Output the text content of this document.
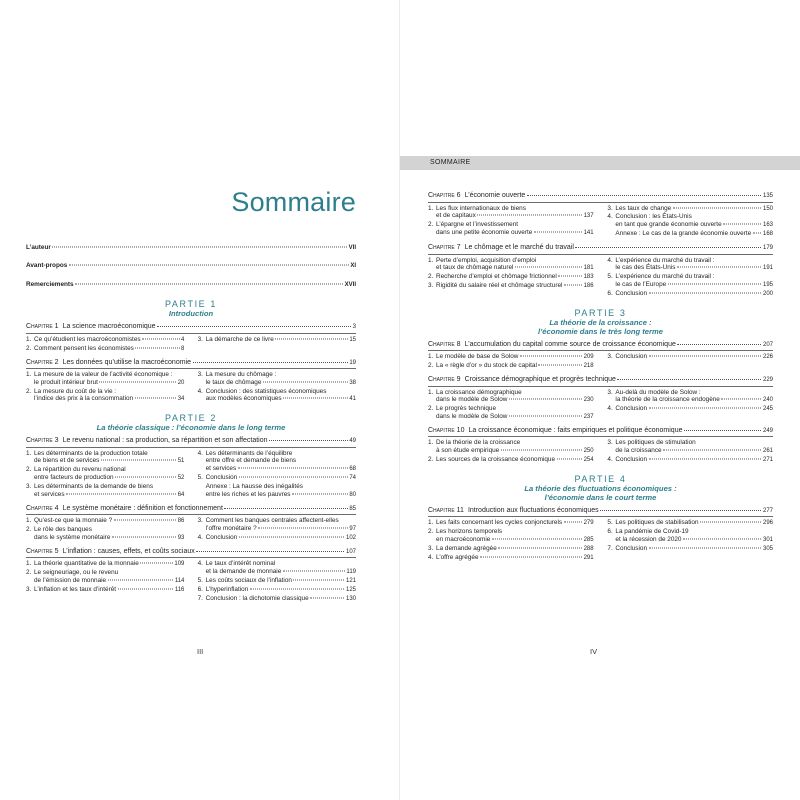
Sommaire
L’auteur	VII
Avant-propos	XI
Remerciements	XVII
PARTIE 1
Introduction
Chapitre 1 La science macroéconomique	3
1. Ce qu’étudient les macroéconomistes	4
2. Comment pensent les économistes	8
3. La démarche de ce livre	15
Chapitre 2 Les données qu’utilise la macroéconomie	19
1. La mesure de la valeur de l’activité économique :
le produit intérieur brut	20
2. La mesure du coût de la vie :
l’indice des prix à la consommation	34
3. La mesure du chômage :
le taux de chômage	38
4. Conclusion : des statistiques économiques
aux modèles économiques	41
PARTIE 2
La théorie classique : l’économie dans le long terme
Chapitre 3 Le revenu national : sa production, sa répartition et son affectation	49
1. Les déterminants de la production totale
de biens et de services	51
2. La répartition du revenu national
entre facteurs de production	52
3. Les déterminants de la demande de biens
et services	64
4. Les déterminants de l’équilibre
entre offre et demande de biens
et services	68
5. Conclusion	74
Annexe : La hausse des inégalités
entre les riches et les pauvres	80
Chapitre 4 Le système monétaire : définition et fonctionnement	85
1. Qu’est-ce que la monnaie ?	86
2. Le rôle des banques
dans le système monétaire	93
3. Comment les banques centrales affectent-elles
l’offre monétaire ?	97
4. Conclusion	102
Chapitre 5 L’inflation : causes, effets, et coûts sociaux	107
1. La théorie quantitative de la monnaie	109
2. Le seigneuriage, ou le revenu
de l’émission de monnaie	114
3. L’inflation et les taux d’intérêt	116
4. Le taux d’intérêt nominal
et la demande de monnaie	119
5. Les coûts sociaux de l’inflation	121
6. L’hyperinflation	125
7. Conclusion : la dichotomie classique	130
III
SOMMAIRE
Chapitre 6 L’économie ouverte	135
1. Les flux internationaux de biens
et de capitaux	137
2. L’épargne et l’investissement
dans une petite économie ouverte	141
3. Les taux de change	150
4. Conclusion : les États-Unis
en tant que grande économie ouverte	163
Annexe : Le cas de la grande économie ouverte 168
Chapitre 7 Le chômage et le marché du travail	179
1. Perte d’emploi, acquisition d’emploi
et taux de chômage naturel	181
2. Recherche d’emploi et chômage frictionnel	183
3. Rigidité du salaire réel et chômage structurel	186
4. L’expérience du marché du travail :
le cas des États-Unis	191
5. L’expérience du marché du travail :
le cas de l’Europe	195
6. Conclusion	200
PARTIE 3
La théorie de la croissance :
l’économie dans le très long terme
Chapitre 8 L’accumulation du capital comme source de croissance économique	207
1. Le modèle de base de Solow	209
2. La « règle d’or » du stock de capital	218
3. Conclusion	226
Chapitre 9 Croissance démographique et progrès technique	229
1. La croissance démographique
dans le modèle de Solow	230
2. Le progrès technique
dans le modèle de Solow	237
3. Au-delà du modèle de Solow :
la théorie de la croissance endogène	240
4. Conclusion	245
Chapitre 10 La croissance économique : faits empiriques et politique économique	249
1. De la théorie de la croissance
à son étude empirique	250
2. Les sources de la croissance économique	254
3. Les politiques de stimulation
de la croissance	261
4. Conclusion	271
PARTIE 4
La théorie des fluctuations économiques :
l’économie dans le court terme
Chapitre 11 Introduction aux fluctuations économiques	277
1. Les faits concernant les cycles conjoncturels	279
2. Les horizons temporels
en macroéconomie	285
3. La demande agrégée	288
4. L’offre agrégée	291
5. Les politiques de stabilisation	296
6. La pandémie de Covid-19
et la récession de 2020	301
7. Conclusion	305
IV
